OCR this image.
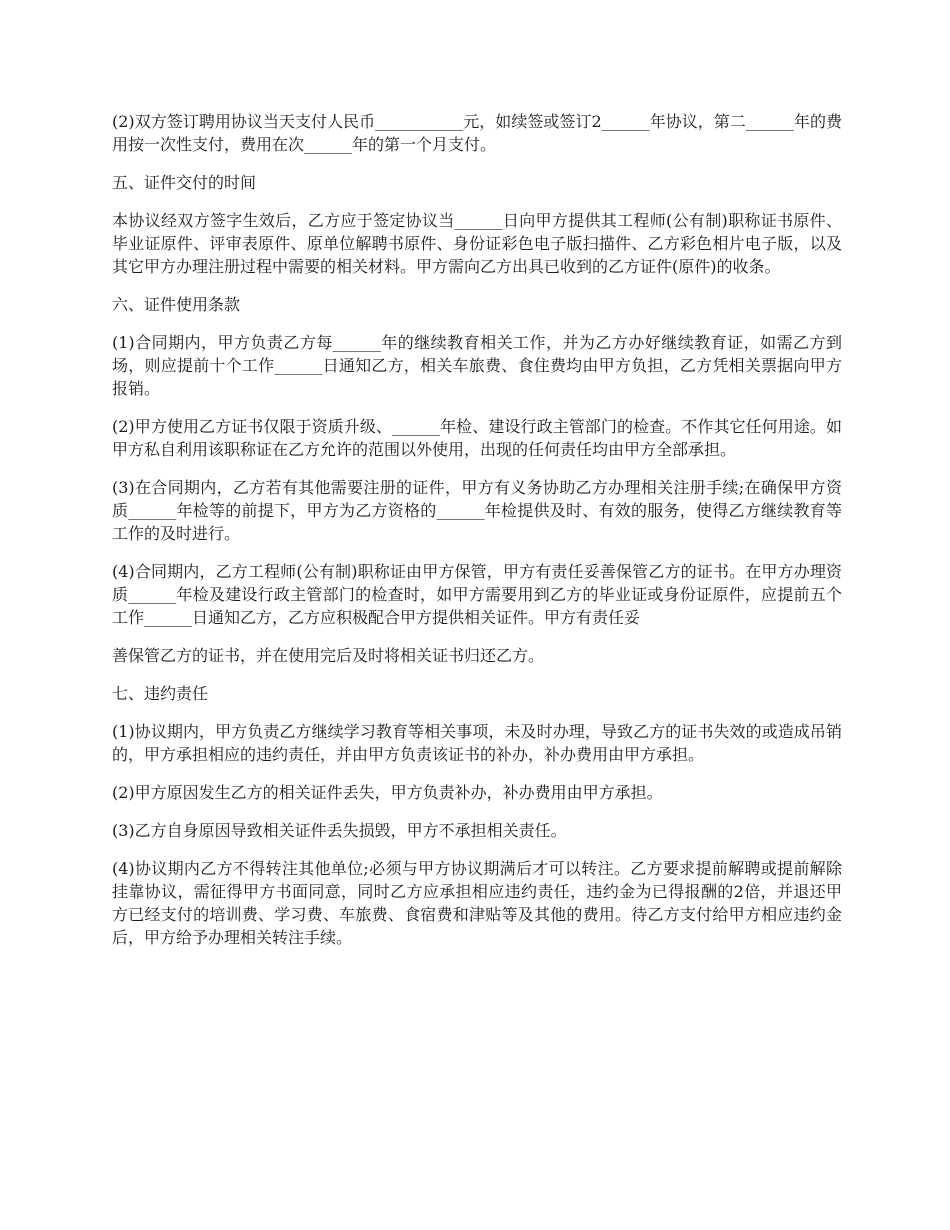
(2)双方签订聘用协议当天支付人民币___________元，如续签或签订2______年协议，第二______年的费用按一次性支付，费用在次______年的第一个月支付。

五、证件交付的时间

本协议经双方签字生效后，乙方应于签定协议当______日向甲方提供其工程师(公有制)职称证书原件、毕业证原件、评审表原件、原单位解聘书原件、身份证彩色电子版扫描件、乙方彩色相片电子版，以及其它甲方办理注册过程中需要的相关材料。甲方需向乙方出具已收到的乙方证件(原件)的收条。

六、证件使用条款

(1)合同期内，甲方负责乙方每______年的继续教育相关工作，并为乙方办好继续教育证，如需乙方到场，则应提前十个工作______日通知乙方，相关车旅费、食住费均由甲方负担，乙方凭相关票据向甲方报销。

(2)甲方使用乙方证书仅限于资质升级、______年检、建设行政主管部门的检查。不作其它任何用途。如甲方私自利用该职称证在乙方允许的范围以外使用，出现的任何责任均由甲方全部承担。

(3)在合同期内，乙方若有其他需要注册的证件，甲方有义务协助乙方办理相关注册手续;在确保甲方资质______年检等的前提下，甲方为乙方资格的______年检提供及时、有效的服务，使得乙方继续教育等工作的及时进行。

(4)合同期内，乙方工程师(公有制)职称证由甲方保管，甲方有责任妥善保管乙方的证书。在甲方办理资质______年检及建设行政主管部门的检查时，如甲方需要用到乙方的毕业证或身份证原件，应提前五个工作______日通知乙方，乙方应积极配合甲方提供相关证件。甲方有责任妥

善保管乙方的证书，并在使用完后及时将相关证书归还乙方。

七、违约责任

(1)协议期内，甲方负责乙方继续学习教育等相关事项，未及时办理，导致乙方的证书失效的或造成吊销的，甲方承担相应的违约责任，并由甲方负责该证书的补办，补办费用由甲方承担。

(2)甲方原因发生乙方的相关证件丢失，甲方负责补办，补办费用由甲方承担。

(3)乙方自身原因导致相关证件丢失损毁，甲方不承担相关责任。

(4)协议期内乙方不得转注其他单位;必须与甲方协议期满后才可以转注。乙方要求提前解聘或提前解除挂靠协议，需征得甲方书面同意，同时乙方应承担相应违约责任，违约金为已得报酬的2倍，并退还甲方已经支付的培训费、学习费、车旅费、食宿费和津贴等及其他的费用。待乙方支付给甲方相应违约金后，甲方给予办理相关转注手续。
